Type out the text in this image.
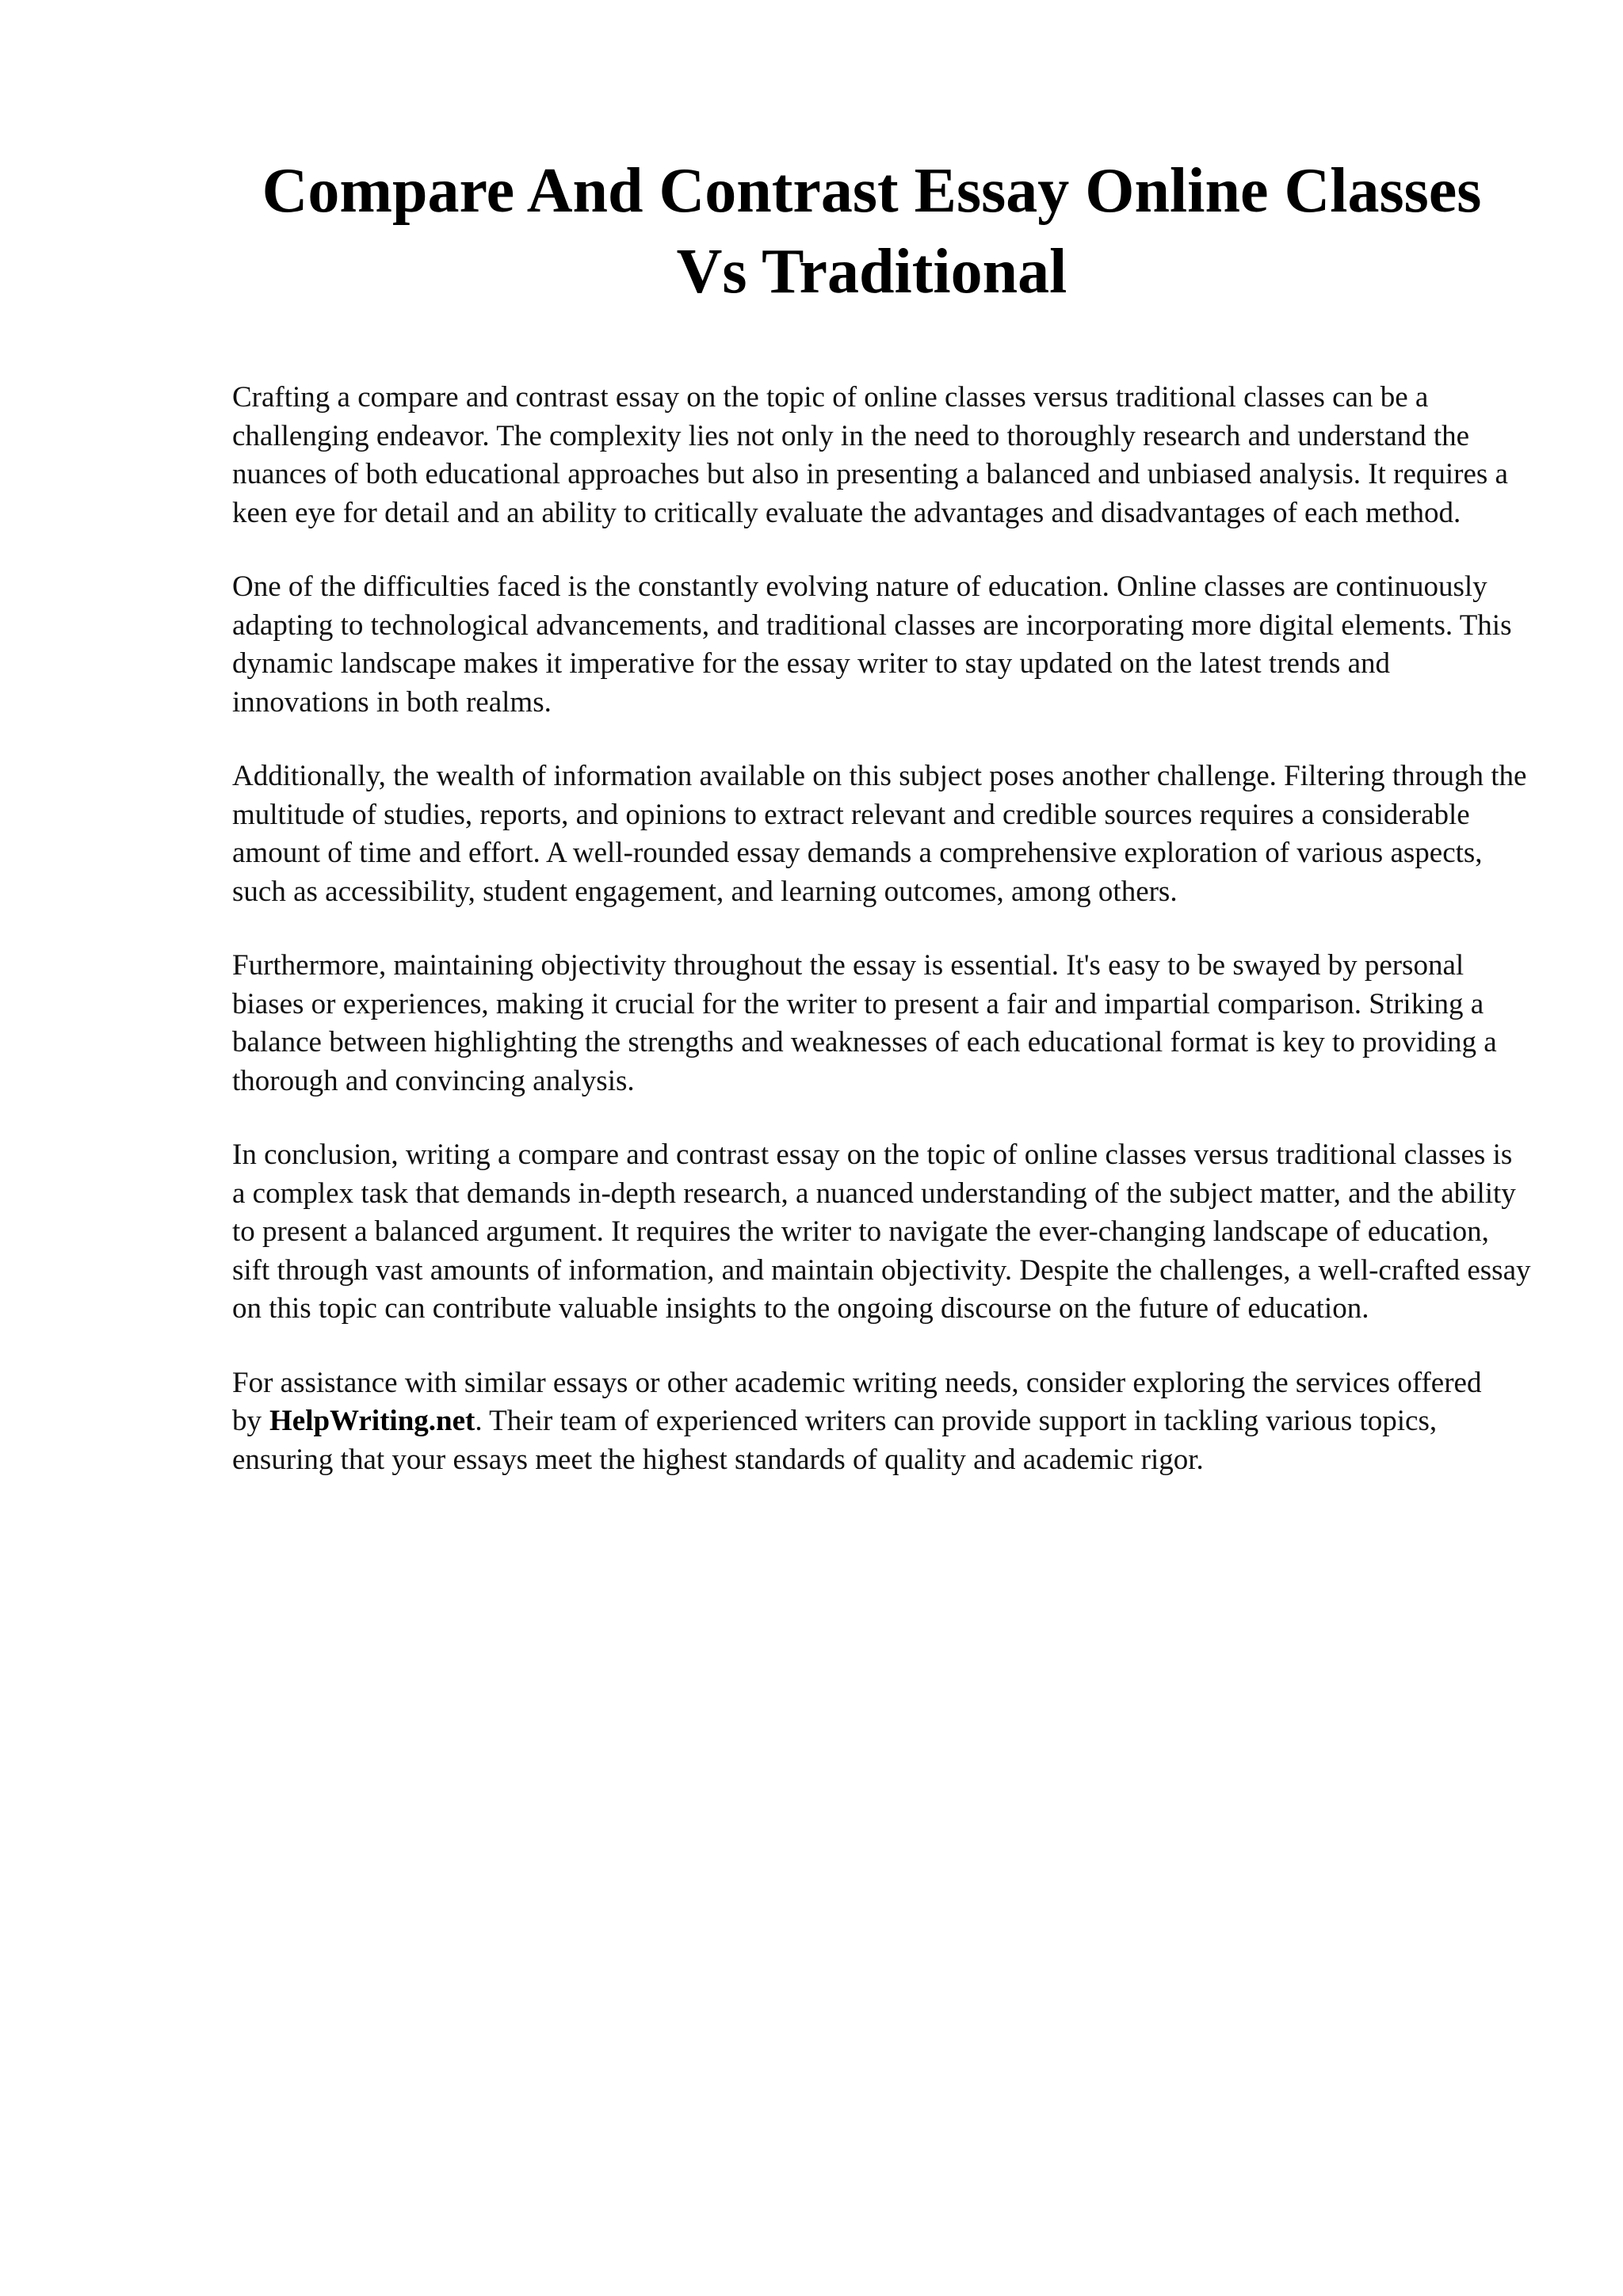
Compare And Contrast Essay Online Classes Vs Traditional

Crafting a compare and contrast essay on the topic of online classes versus traditional classes can be a challenging endeavor. The complexity lies not only in the need to thoroughly research and understand the nuances of both educational approaches but also in presenting a balanced and unbiased analysis. It requires a keen eye for detail and an ability to critically evaluate the advantages and disadvantages of each method.

One of the difficulties faced is the constantly evolving nature of education. Online classes are continuously adapting to technological advancements, and traditional classes are incorporating more digital elements. This dynamic landscape makes it imperative for the essay writer to stay updated on the latest trends and innovations in both realms.

Additionally, the wealth of information available on this subject poses another challenge. Filtering through the multitude of studies, reports, and opinions to extract relevant and credible sources requires a considerable amount of time and effort. A well-rounded essay demands a comprehensive exploration of various aspects, such as accessibility, student engagement, and learning outcomes, among others.

Furthermore, maintaining objectivity throughout the essay is essential. It's easy to be swayed by personal biases or experiences, making it crucial for the writer to present a fair and impartial comparison. Striking a balance between highlighting the strengths and weaknesses of each educational format is key to providing a thorough and convincing analysis.

In conclusion, writing a compare and contrast essay on the topic of online classes versus traditional classes is a complex task that demands in-depth research, a nuanced understanding of the subject matter, and the ability to present a balanced argument. It requires the writer to navigate the ever-changing landscape of education, sift through vast amounts of information, and maintain objectivity. Despite the challenges, a well-crafted essay on this topic can contribute valuable insights to the ongoing discourse on the future of education.

For assistance with similar essays or other academic writing needs, consider exploring the services offered by HelpWriting.net. Their team of experienced writers can provide support in tackling various topics, ensuring that your essays meet the highest standards of quality and academic rigor.
